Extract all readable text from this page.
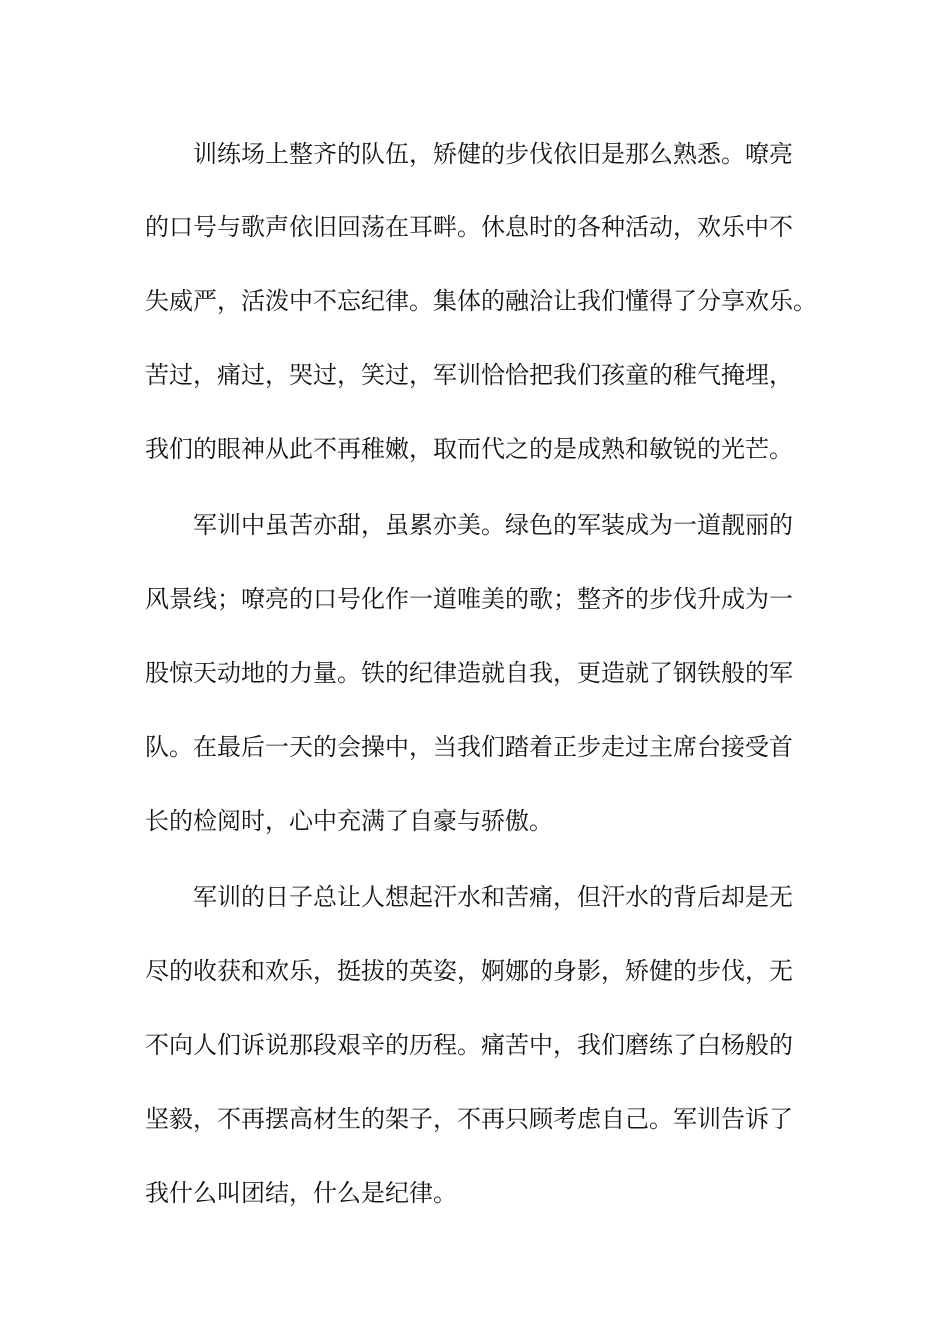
训练场上整齐的队伍，矫健的步伐依旧是那么熟悉。嘹亮

的口号与歌声依旧回荡在耳畔。休息时的各种活动，欢乐中不

失威严，活泼中不忘纪律。集体的融洽让我们懂得了分享欢乐。

苦过，痛过，哭过，笑过，军训恰恰把我们孩童的稚气掩埋，

我们的眼神从此不再稚嫩，取而代之的是成熟和敏锐的光芒。

军训中虽苦亦甜，虽累亦美。绿色的军装成为一道靓丽的

风景线；嘹亮的口号化作一道唯美的歌；整齐的步伐升成为一

股惊天动地的力量。铁的纪律造就自我，更造就了钢铁般的军

队。在最后一天的会操中，当我们踏着正步走过主席台接受首

长的检阅时，心中充满了自豪与骄傲。

军训的日子总让人想起汗水和苦痛，但汗水的背后却是无

尽的收获和欢乐，挺拔的英姿，婀娜的身影，矫健的步伐，无

不向人们诉说那段艰辛的历程。痛苦中，我们磨练了白杨般的

坚毅，不再摆高材生的架子，不再只顾考虑自己。军训告诉了

我什么叫团结，什么是纪律。
